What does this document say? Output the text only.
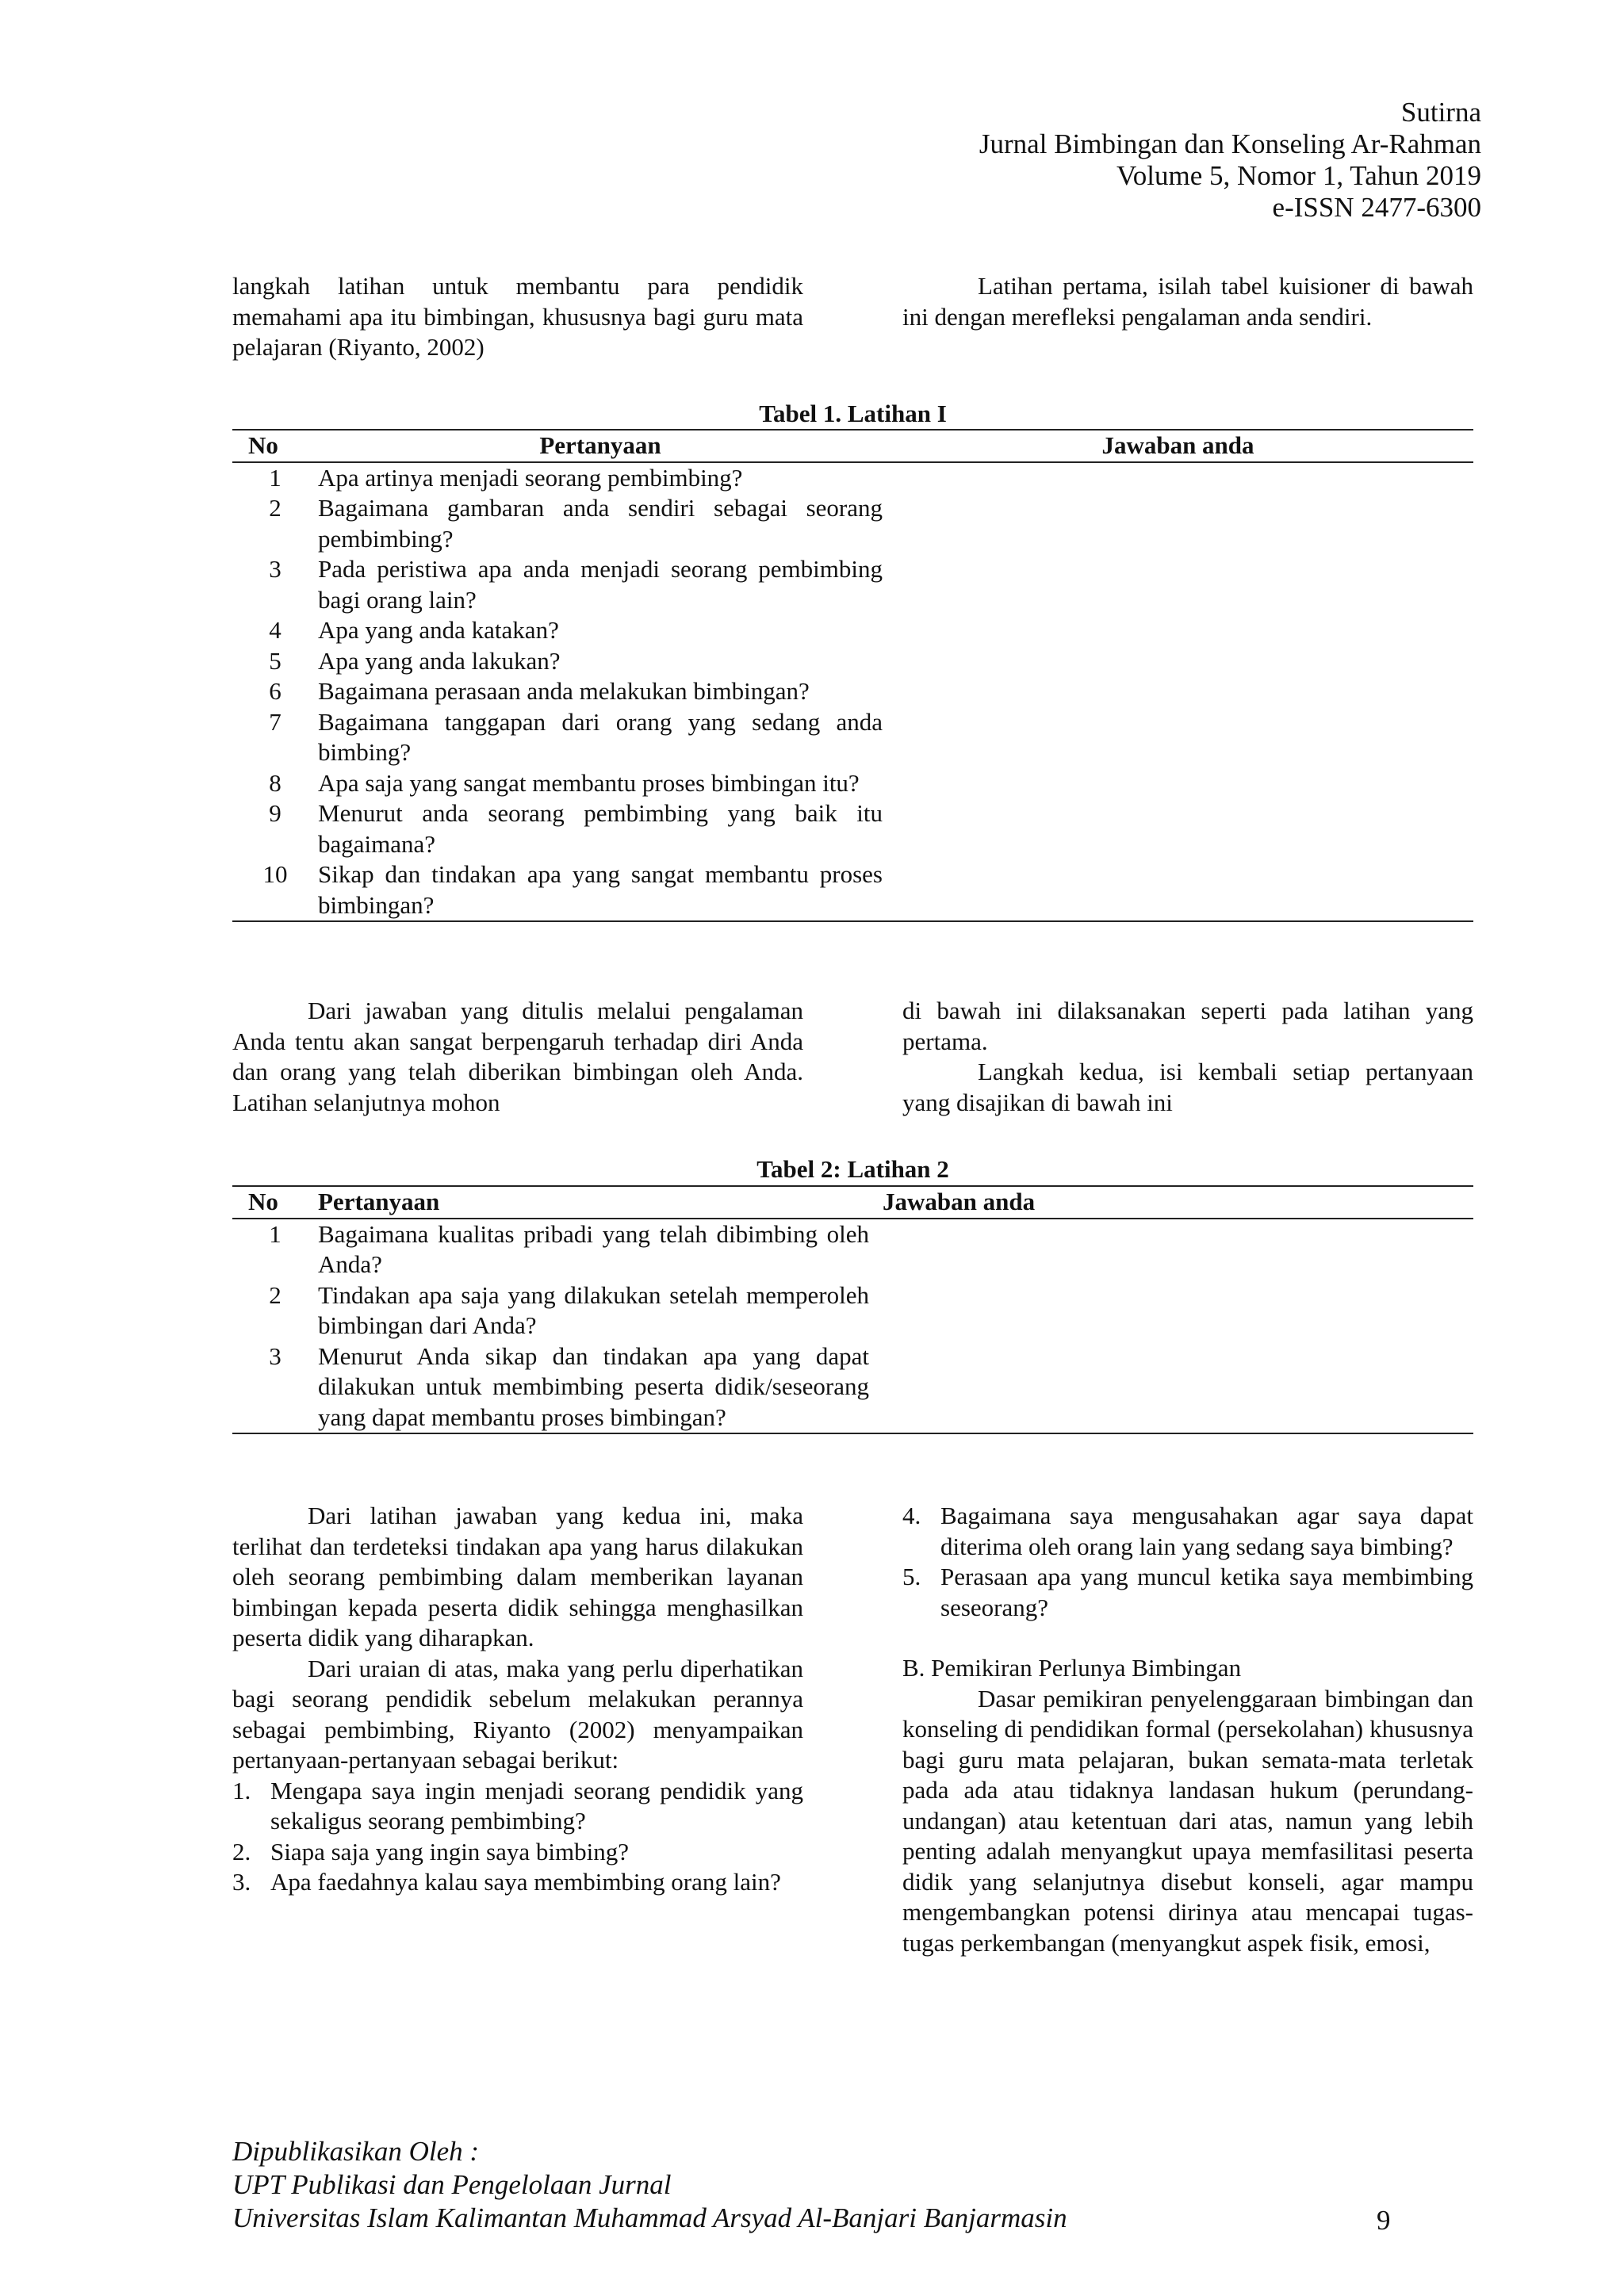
Sutirna
Jurnal Bimbingan dan Konseling Ar-Rahman
Volume 5, Nomor 1, Tahun 2019
e-ISSN 2477-6300

langkah latihan untuk membantu para pendidik memahami apa itu bimbingan, khususnya bagi guru mata pelajaran (Riyanto, 2002)

Latihan pertama, isilah tabel kuisioner di bawah ini dengan merefleksi pengalaman anda sendiri.

Tabel 1. Latihan I
No	Pertanyaan	Jawaban anda
1	Apa artinya menjadi seorang pembimbing?	
2	Bagaimana gambaran anda sendiri sebagai seorang pembimbing?	
3	Pada peristiwa apa anda menjadi seorang pembimbing bagi orang lain?	
4	Apa yang anda katakan?	
5	Apa yang anda lakukan?	
6	Bagaimana perasaan anda melakukan bimbingan?	
7	Bagaimana tanggapan dari orang yang sedang anda bimbing?	
8	Apa saja yang sangat membantu proses bimbingan itu?	
9	Menurut anda seorang pembimbing yang baik itu bagaimana?	
10	Sikap dan tindakan apa yang sangat membantu proses bimbingan?	

Dari jawaban yang ditulis melalui pengalaman Anda tentu akan sangat berpengaruh terhadap diri Anda dan orang yang telah diberikan bimbingan oleh Anda. Latihan selanjutnya mohon

di bawah ini dilaksanakan seperti pada latihan yang pertama.

Langkah kedua, isi kembali setiap pertanyaan yang disajikan di bawah ini

Tabel 2: Latihan 2
No	Pertanyaan	Jawaban anda
1	Bagaimana kualitas pribadi yang telah dibimbing oleh Anda?	
2	Tindakan apa saja yang dilakukan setelah memperoleh bimbingan dari Anda?	
3	Menurut Anda sikap dan tindakan apa yang dapat dilakukan untuk membimbing peserta didik/seseorang yang dapat membantu proses bimbingan?	

Dari latihan jawaban yang kedua ini, maka terlihat dan terdeteksi tindakan apa yang harus dilakukan oleh seorang pembimbing dalam memberikan layanan bimbingan kepada peserta didik sehingga menghasilkan peserta didik yang diharapkan.

Dari uraian di atas, maka yang perlu diperhatikan bagi seorang pendidik sebelum melakukan perannya sebagai pembimbing, Riyanto (2002) menyampaikan pertanyaan-pertanyaan sebagai berikut:

1. Mengapa saya ingin menjadi seorang pendidik yang sekaligus seorang pembimbing?
2. Siapa saja yang ingin saya bimbing?
3. Apa faedahnya kalau saya membimbing orang lain?
4. Bagaimana saya mengusahakan agar saya dapat diterima oleh orang lain yang sedang saya bimbing?
5. Perasaan apa yang muncul ketika saya membimbing seseorang?

B. Pemikiran Perlunya Bimbingan

Dasar pemikiran penyelenggaraan bimbingan dan konseling di pendidikan formal (persekolahan) khususnya bagi guru mata pelajaran, bukan semata-mata terletak pada ada atau tidaknya landasan hukum (perundang-undangan) atau ketentuan dari atas, namun yang lebih penting adalah menyangkut upaya memfasilitasi peserta didik yang selanjutnya disebut konseli, agar mampu mengembangkan potensi dirinya atau mencapai tugas-tugas perkembangan (menyangkut aspek fisik, emosi,

Dipublikasikan Oleh :
UPT Publikasi dan Pengelolaan Jurnal
Universitas Islam Kalimantan Muhammad Arsyad Al-Banjari Banjarmasin	9
